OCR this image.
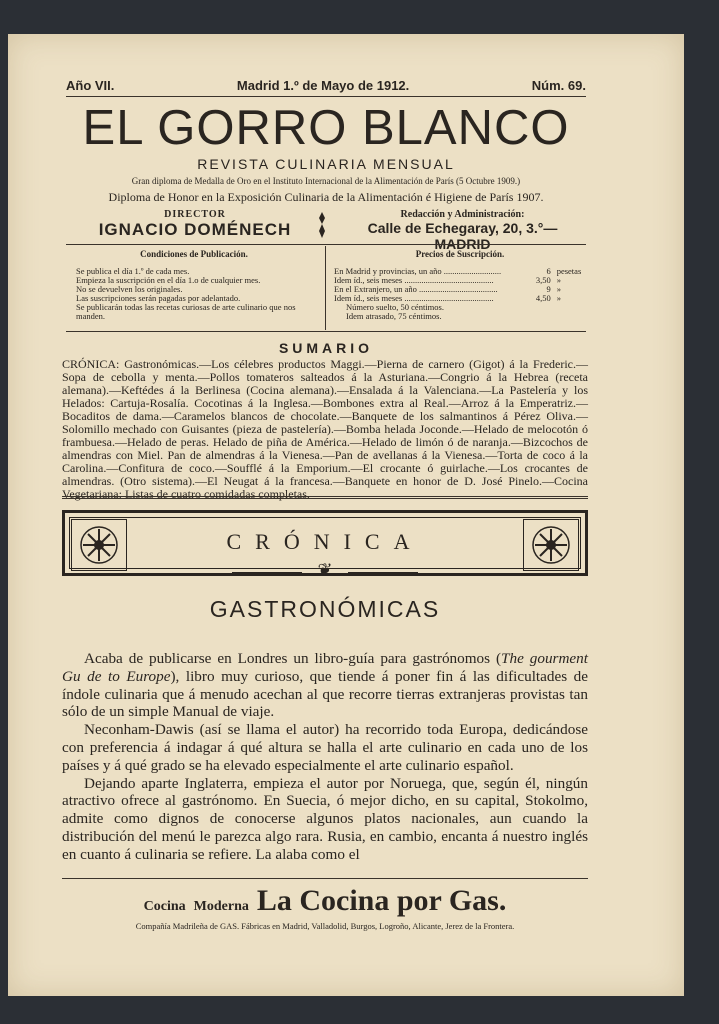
Año VII.	Madrid 1.º de Mayo de 1912.	Núm. 69.
EL GORRO BLANCO
REVISTA CULINARIA MENSUAL
Gran diploma de Medalla de Oro en el Instituto Internacional de la Alimentación de París (5 Octubre 1909.)
Diploma de Honor en la Exposición Culinaria de la Alimentación é Higiene de París 1907.
DIRECTOR
IGNACIO DOMÉNECH
Redacción y Administración:
Calle de Echegaray, 20, 3.°— MADRID
Condiciones de Publicación.

Se publica el día 1.º de cada mes.

Empieza la suscripción en el día 1.o de cualquier mes.

No se devuelven los originales.

Las suscripciones serán pagadas por adelantado.

Se publicarán todas las recetas curiosas de arte culinario que nos manden.

Precios de Suscripción.
En Madrid y provincias, un año ...........................	6 pesetas
Idem íd., seis meses ..........................................	3,50 »
En el Extranjero, un año .....................................	9 »
Idem íd., seis meses ..........................................	4,50 »
Número suelto, 50 céntimos.
Idem atrasado, 75 céntimos.
SUMARIO
CRÓNICA: Gastronómicas.—Los célebres productos Maggi.—Pierna de carnero (Gigot) á la Frederic.—Sopa de cebolla y menta.—Pollos tomateros salteados á la Asturiana.—Congrio á la Hebrea (receta alemana).—Keftédes á la Berlinesa (Cocina alemana).—Ensalada á la Valenciana.—La Pastelería y los Helados: Cartuja-Rosalía. Cocotinas á la Inglesa.—Bombones extra al Real.—Arroz á la Emperatriz.—Bocaditos de dama.—Caramelos blancos de chocolate.—Banquete de los salmantinos á Pérez Oliva.—Solomillo mechado con Guisantes (pieza de pastelería).—Bomba helada Joconde.—Helado de melocotón ó frambuesa.—Helado de peras. Helado de piña de América.—Helado de limón ó de naranja.—Bizcochos de almendras con Miel. Pan de almendras á la Vienesa.—Pan de avellanas á la Vienesa.—Torta de coco á la Carolina.—Confitura de coco.—Soufflé á la Emporium.—El crocante ó guirlache.—Los crocantes de almendras. (Otro sistema).—El Neugat á la francesa.—Banquete en honor de D. José Pinelo.—Cocina Vegetariana: Listas de cuatro comidadas completas.
CRÓNICA
❦
GASTRONÓMICAS

Acaba de publicarse en Londres un libro-guía para gastrónomos (The gourment Gu de to Europe), libro muy curioso, que tiende á poner fin á las dificultades de índole culinaria que á menudo acechan al que recorre tierras extranjeras provistas tan sólo de un simple Manual de viaje.

Neconham-Dawis (así se llama el autor) ha recorrido toda Europa, dedicándose con preferencia á indagar á qué altura se halla el arte culinario en cada uno de los países y á qué grado se ha elevado especialmente el arte culinario español.

Dejando aparte Inglaterra, empieza el autor por Noruega, que, según él, ningún atractivo ofrece al gastrónomo. En Suecia, ó mejor dicho, en su capital, Stokolmo, admite como dignos de conocerse algunos platos nacionales, aun cuando la distribución del menú le parezca algo rara. Rusia, en cambio, encanta á nuestro inglés en cuanto á culinaria se refiere. La alaba como el

Cocina Moderna La Cocina por Gas.
Compañía Madrileña de GAS. Fábricas en Madrid, Valladolid, Burgos, Logroño, Alicante, Jerez de la Frontera.
